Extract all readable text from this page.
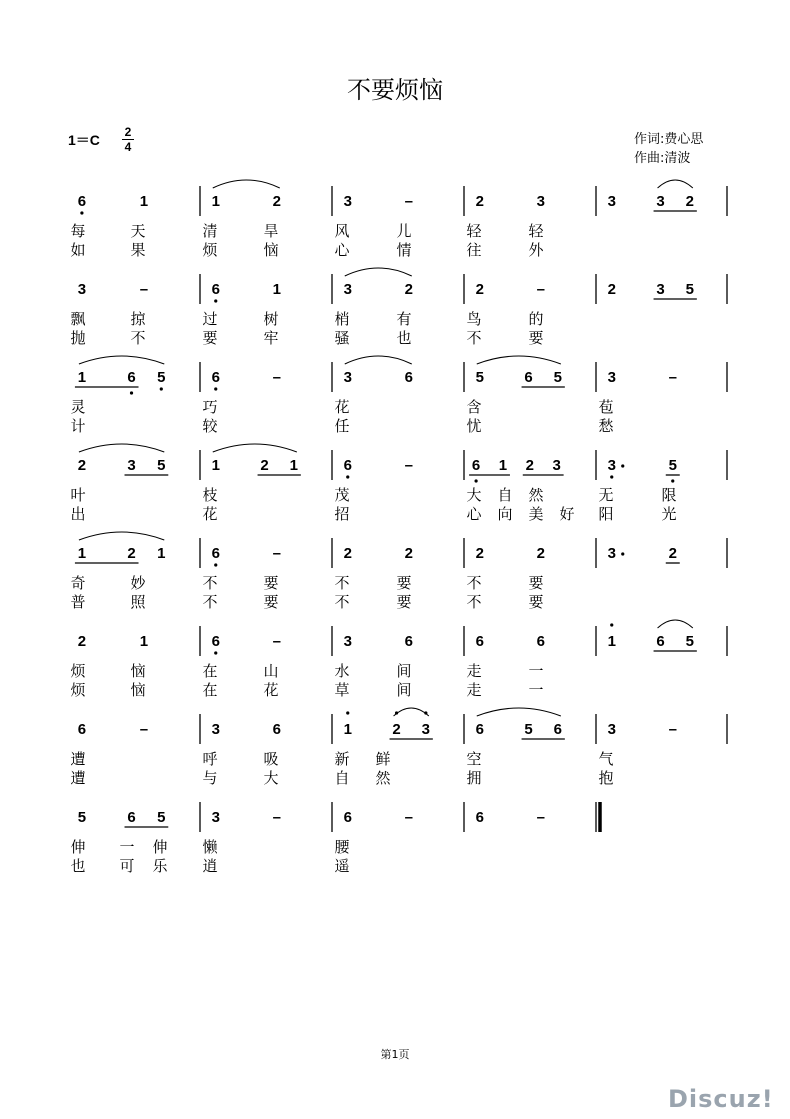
不要烦恼
1＝C	2
4	作词:费心思
作曲:清波
6	1	1	2	3	–	2	3	3	3 2
每	天	清	旱	风	儿	轻	轻
如	果	烦	恼	心	情	往	外
3	–	6	1	3	2	2	–	2	3 5
飘	掠	过	树	梢	有	鸟	的
抛	不	要	牢	骚	也	不	要
1	6 5	6	–	3	6	5	6 5	3	–
灵	巧	花	含	苞
计	较	任	忧	愁
2	3 5	1	2 1	6	–	6 1 2 3	3	5
叶	枝	茂	大 自 然	无	限
出	花	招	心 向 美 好 阳	光
1	2 1	6	–	2	2	2	2	3	2
奇	妙	不	要	不	要	不	要
普	照	不	要	不	要	不	要
2	1	6	–	3	6	6	6	1	6 5
烦	恼	在	山	水	间	走	一
烦	恼	在	花	草	间	走	一
6	–	3	6	1	2 3	6	5 6	3	–
遭	呼	吸	新 鲜	空	气
遭	与	大	自 然	拥	抱
5	6 5	3	–	6	–	6	–
伸 一 伸 懒	腰
也 可 乐 逍	遥
第1页
Discuz!
